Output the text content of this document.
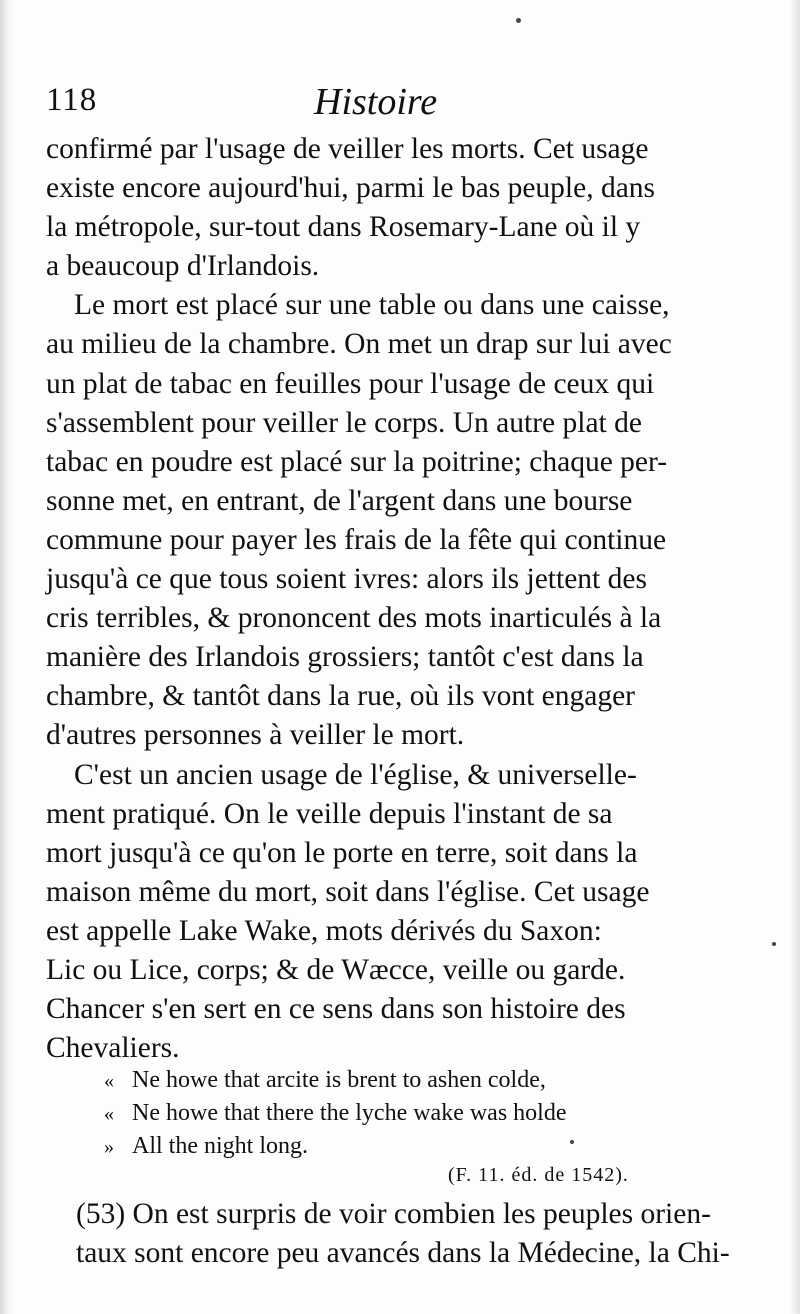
118	Histoire

confirmé par l'usage de veiller les morts. Cet usage
existe encore aujourd'hui, parmi le bas peuple, dans
la métropole, sur-tout dans Rosemary-Lane où il y
a beaucoup d'Irlandois.

Le mort est placé sur une table ou dans une caisse,
au milieu de la chambre. On met un drap sur lui avec
un plat de tabac en feuilles pour l'usage de ceux qui
s'assemblent pour veiller le corps. Un autre plat de
tabac en poudre est placé sur la poitrine; chaque per-
sonne met, en entrant, de l'argent dans une bourse
commune pour payer les frais de la fête qui continue
jusqu'à ce que tous soient ivres: alors ils jettent des
cris terribles, & prononcent des mots inarticulés à la
manière des Irlandois grossiers; tantôt c'est dans la
chambre, & tantôt dans la rue, où ils vont engager
d'autres personnes à veiller le mort.

C'est un ancien usage de l'église, & universelle-
ment pratiqué. On le veille depuis l'instant de sa
mort jusqu'à ce qu'on le porte en terre, soit dans la
maison même du mort, soit dans l'église. Cet usage
est appelle Lake Wake, mots dérivés du Saxon:
Lic ou Lice, corps; & de Wæcce, veille ou garde.
Chancer s'en sert en ce sens dans son histoire des
Chevaliers.

« Ne howe that arcite is brent to ashen colde,
« Ne howe that there the lyche wake was holde
» All the night long.
(F. 11. éd. de 1542).
(53) On est surpris de voir combien les peuples orien-
taux sont encore peu avancés dans la Médecine, la Chi-
